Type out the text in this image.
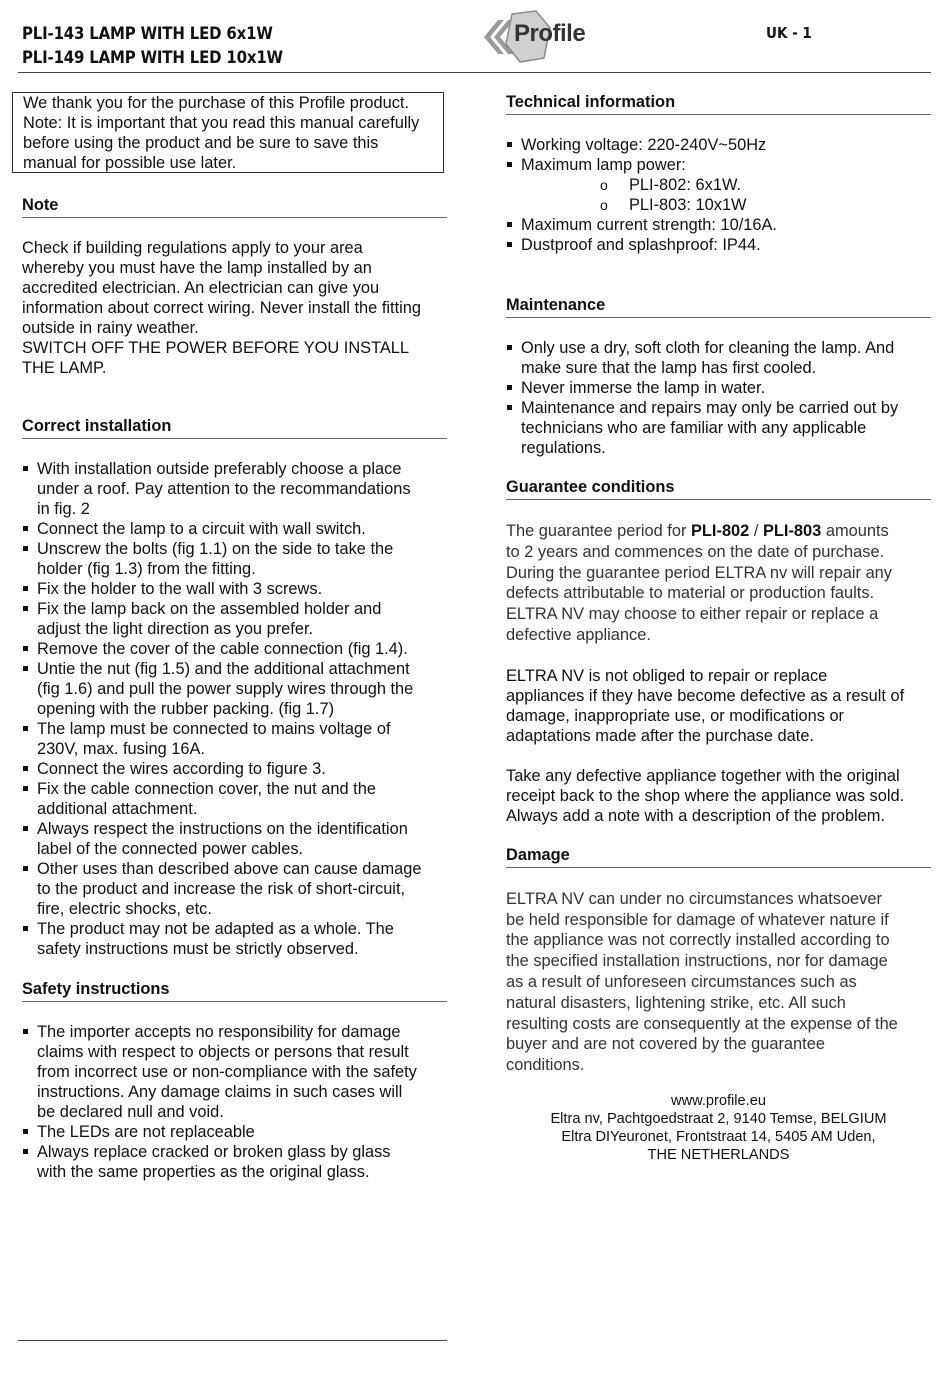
PLI-143 LAMP WITH LED 6x1W
PLI-149 LAMP WITH LED 10x1W
Profile	UK - 1

We thank you for the purchase of this Profile product.

Note: It is important that you read this manual carefully

before using the product and be sure to save this

manual for possible use later.

Note

Check if building regulations apply to your area

whereby you must have the lamp installed by an

accredited electrician. An electrician can give you

information about correct wiring. Never install the fitting

outside in rainy weather.

SWITCH OFF THE POWER BEFORE YOU INSTALL

THE LAMP.

Correct installation
With installation outside preferably choose a place
under a roof. Pay attention to the recommandations
in fig. 2
Connect the lamp to a circuit with wall switch.
Unscrew the bolts (fig 1.1) on the side to take the
holder (fig 1.3) from the fitting.
Fix the holder to the wall with 3 screws.
Fix the lamp back on the assembled holder and
adjust the light direction as you prefer.
Remove the cover of the cable connection (fig 1.4).
Untie the nut (fig 1.5) and the additional attachment
(fig 1.6) and pull the power supply wires through the
opening with the rubber packing. (fig 1.7)
The lamp must be connected to mains voltage of
230V, max. fusing 16A.
Connect the wires according to figure 3.
Fix the cable connection cover, the nut and the
additional attachment.
Always respect the instructions on the identification
label of the connected power cables.
Other uses than described above can cause damage
to the product and increase the risk of short-circuit,
fire, electric shocks, etc.
The product may not be adapted as a whole. The
safety instructions must be strictly observed.
Safety instructions
The importer accepts no responsibility for damage
claims with respect to objects or persons that result
from incorrect use or non-compliance with the safety
instructions. Any damage claims in such cases will
be declared null and void.
The LEDs are not replaceable
Always replace cracked or broken glass by glass
with the same properties as the original glass.
Technical information
Working voltage: 220-240V~50Hz
Maximum lamp power:
o PLI-802: 6x1W.
o PLI-803: 10x1W
Maximum current strength: 10/16A.
Dustproof and splashproof: IP44.
Maintenance
Only use a dry, soft cloth for cleaning the lamp. And
make sure that the lamp has first cooled.
Never immerse the lamp in water.
Maintenance and repairs may only be carried out by
technicians who are familiar with any applicable
regulations.
Guarantee conditions

The guarantee period for PLI-802 / PLI-803 amounts

to 2 years and commences on the date of purchase.

During the guarantee period ELTRA nv will repair any

defects attributable to material or production faults.

ELTRA NV may choose to either repair or replace a

defective appliance.

ELTRA NV is not obliged to repair or replace

appliances if they have become defective as a result of

damage, inappropriate use, or modifications or

adaptations made after the purchase date.

Take any defective appliance together with the original

receipt back to the shop where the appliance was sold.

Always add a note with a description of the problem.

Damage

ELTRA NV can under no circumstances whatsoever

be held responsible for damage of whatever nature if

the appliance was not correctly installed according to

the specified installation instructions, nor for damage

as a result of unforeseen circumstances such as

natural disasters, lightening strike, etc. All such

resulting costs are consequently at the expense of the

buyer and are not covered by the guarantee

conditions.

www.profile.eu
Eltra nv, Pachtgoedstraat 2, 9140 Temse, BELGIUM
Eltra DIYeuronet, Frontstraat 14, 5405 AM Uden,
THE NETHERLANDS
